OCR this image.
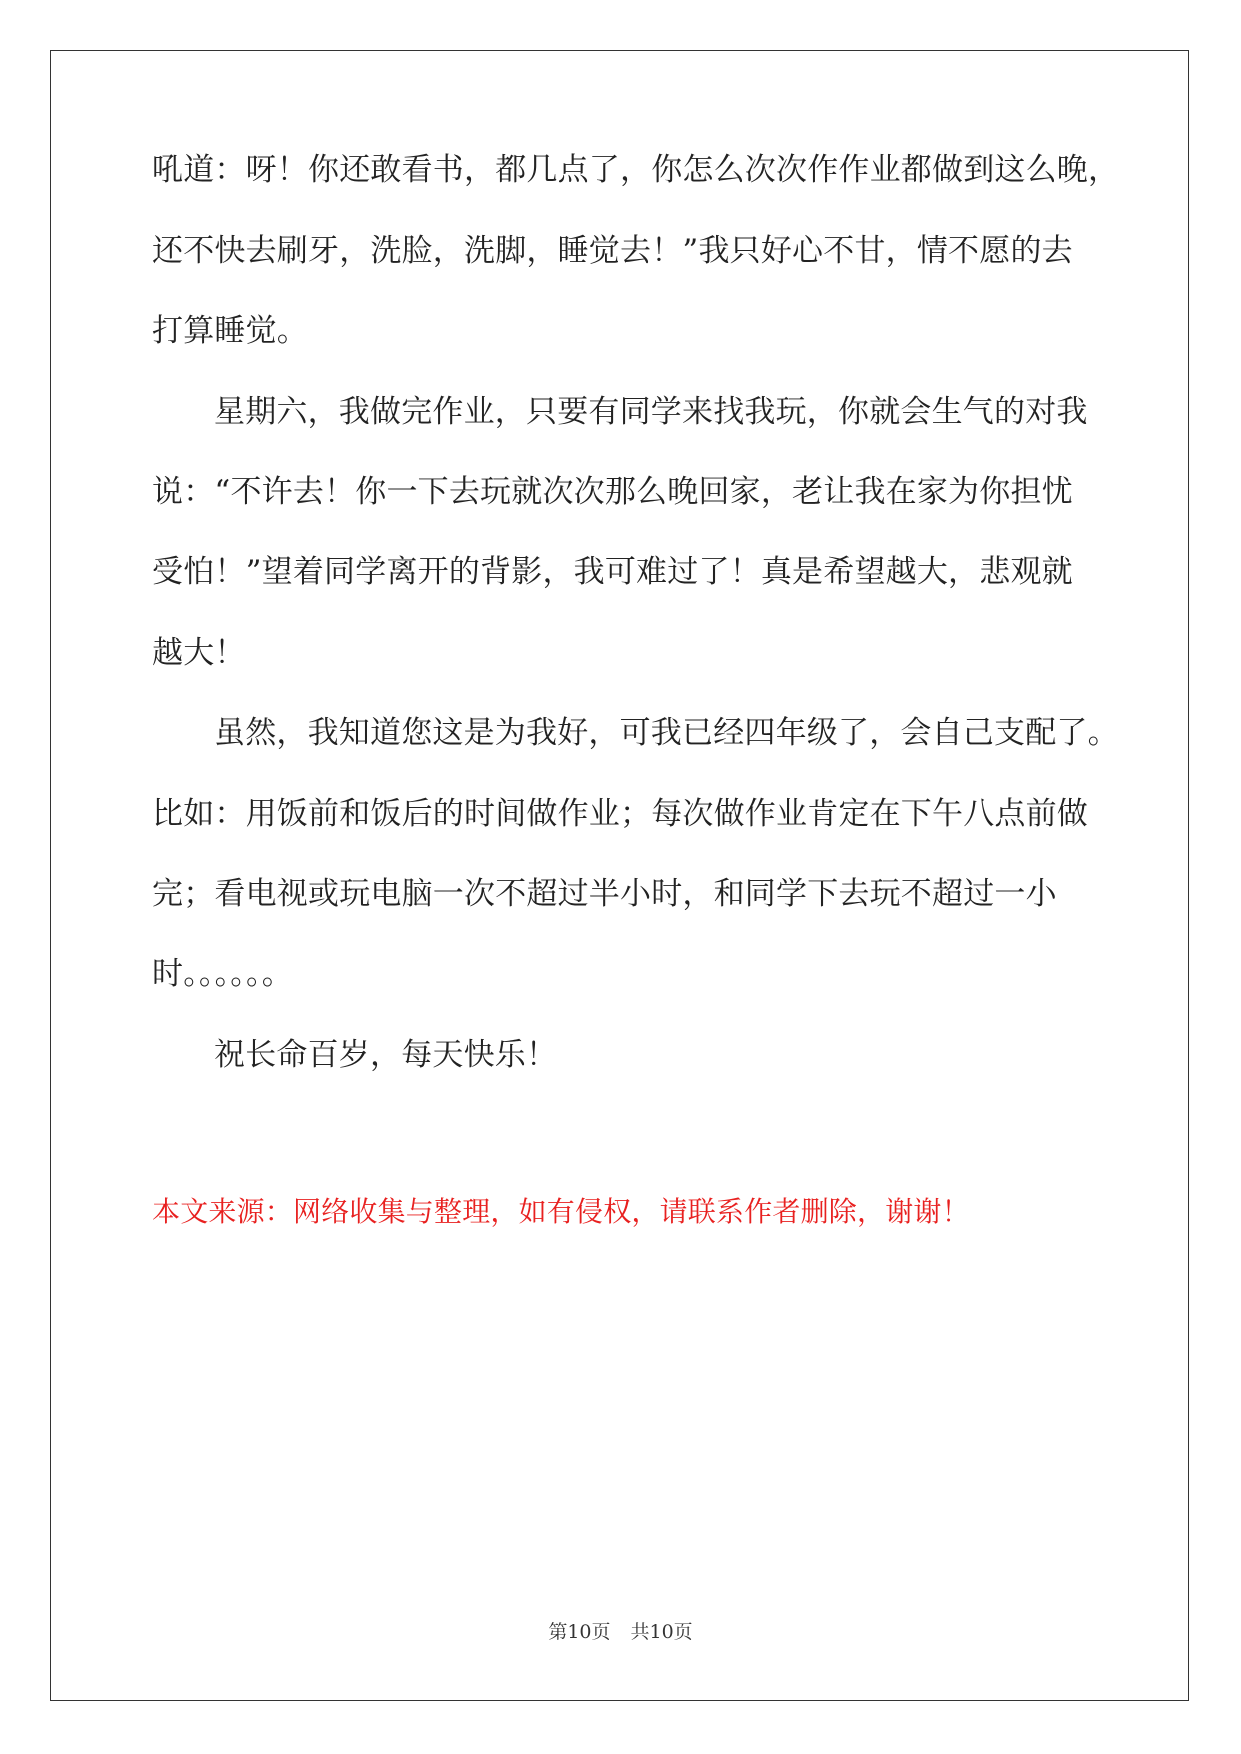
吼道：呀！你还敢看书，都几点了，你怎么次次作作业都做到这么晚，
还不快去刷牙，洗脸，洗脚，睡觉去！”我只好心不甘，情不愿的去
打算睡觉。
星期六，我做完作业，只要有同学来找我玩，你就会生气的对我
说：“不许去！你一下去玩就次次那么晚回家，老让我在家为你担忧
受怕！”望着同学离开的背影，我可难过了！真是希望越大，悲观就
越大！
虽然，我知道您这是为我好，可我已经四年级了，会自己支配了。
比如：用饭前和饭后的时间做作业；每次做作业肯定在下午八点前做
完；看电视或玩电脑一次不超过半小时，和同学下去玩不超过一小
时。。。。。。
祝长命百岁，每天快乐！
本文来源：网络收集与整理，如有侵权，请联系作者删除，谢谢！
第10页 共10页
